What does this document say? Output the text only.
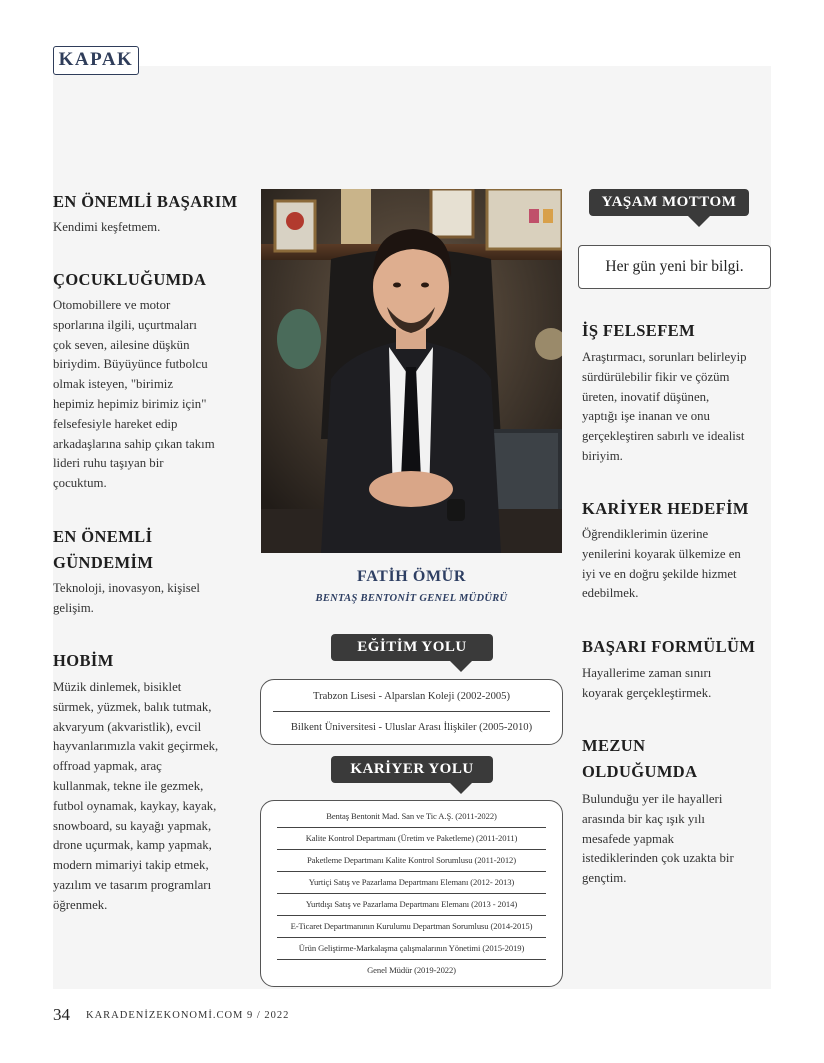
KAPAK
EN ÖNEMLİ BAŞARIM
Kendimi keşfetmem.
ÇOCUKLUĞUMDA
Otomobillere ve motor
sporlarına ilgili, uçurtmaları
çok seven, ailesine düşkün
biriydim. Büyüyünce futbolcu
olmak isteyen, "birimiz
hepimiz hepimiz birimiz için"
felsefesiyle hareket edip
arkadaşlarına sahip çıkan takım
lideri ruhu taşıyan bir
çocuktum.
EN ÖNEMLİ
GÜNDEMİM
Teknoloji, inovasyon, kişisel
gelişim.
HOBİM
Müzik dinlemek, bisiklet
sürmek, yüzmek, balık tutmak,
akvaryum (akvaristlik), evcil
hayvanlarımızla vakit geçirmek,
offroad yapmak, araç
kullanmak, tekne ile gezmek,
futbol oynamak, kaykay, kayak,
snowboard, su kayağı yapmak,
drone uçurmak, kamp yapmak,
modern mimariyi takip etmek,
yazılım ve tasarım programları
öğrenmek.
FATİH ÖMÜR
BENTAŞ BENTONİT GENEL MÜDÜRÜ
EĞİTİM YOLU
Trabzon Lisesi - Alparslan Koleji (2002-2005)
Bilkent Üniversitesi - Uluslar Arası İlişkiler (2005-2010)
KARİYER YOLU
Bentaş Bentonit Mad. San ve Tic A.Ş. (2011-2022)
Kalite Kontrol Departmanı (Üretim ve Paketleme) (2011-2011)
Paketleme Departmanı Kalite Kontrol Sorumlusu (2011-2012)
Yurtiçi Satış ve Pazarlama Departmanı Elemanı (2012- 2013)
Yurtdışı Satış ve Pazarlama Departmanı Elemanı (2013 - 2014)
E-Ticaret Departmanının Kurulumu Departman Sorumlusu (2014-2015)
Ürün Geliştirme-Markalaşma çalışmalarının Yönetimi (2015-2019)
Genel Müdür (2019-2022)
YAŞAM MOTTOM
Her gün yeni bir bilgi.
İŞ FELSEFEM
Araştırmacı, sorunları belirleyip
sürdürülebilir fikir ve çözüm
üreten, inovatif düşünen,
yaptığı işe inanan ve onu
gerçekleştiren sabırlı ve idealist
biriyim.
KARİYER HEDEFİM
Öğrendiklerimin üzerine
yenilerini koyarak ülkemize en
iyi ve en doğru şekilde hizmet
edebilmek.
BAŞARI FORMÜLÜM
Hayallerime zaman sınırı
koyarak gerçekleştirmek.
MEZUN
OLDUĞUMDA
Bulunduğu yer ile hayalleri
arasında bir kaç ışık yılı
mesafede yapmak
istediklerinden çok uzakta bir
gençtim.
34 KARADENİZEKONOMİ.COM 9 / 2022
